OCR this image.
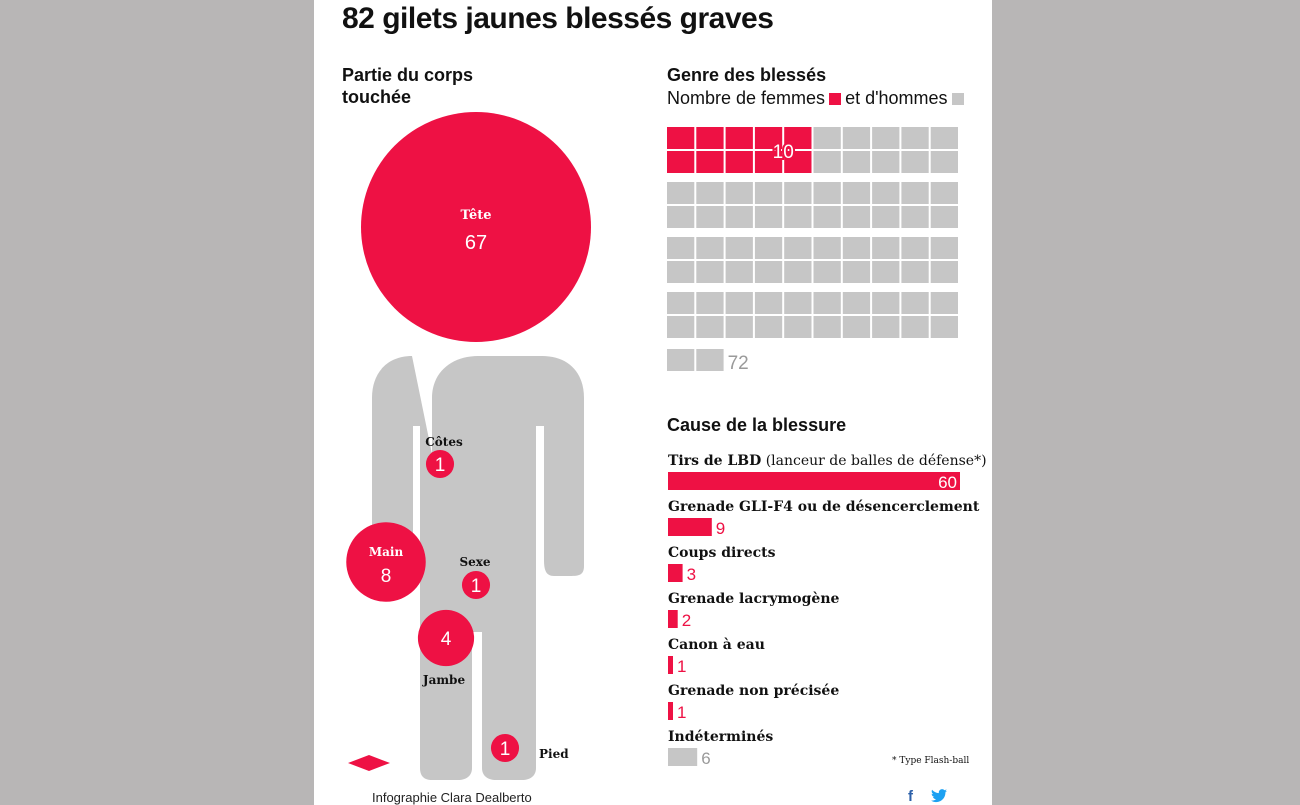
82 gilets jaunes blessés graves
Partie du corps
touchée
Genre des blessés
Nombre de femmes et d'hommes
Cause de la blessure
Tête
67
1
Côtes
Main
8	1
Sexe
4
Jambe
1 Pied
10
72
60
9
3
2
1
1
6
Tirs de LBD (lanceur de balles de défense*)
Grenade GLI-F4 ou de désencerclement
Coups directs
Grenade lacrymogène
Canon à eau
Grenade non précisée
Indéterminés
* Type Flash-ball
Infographie Clara Dealberto	f
